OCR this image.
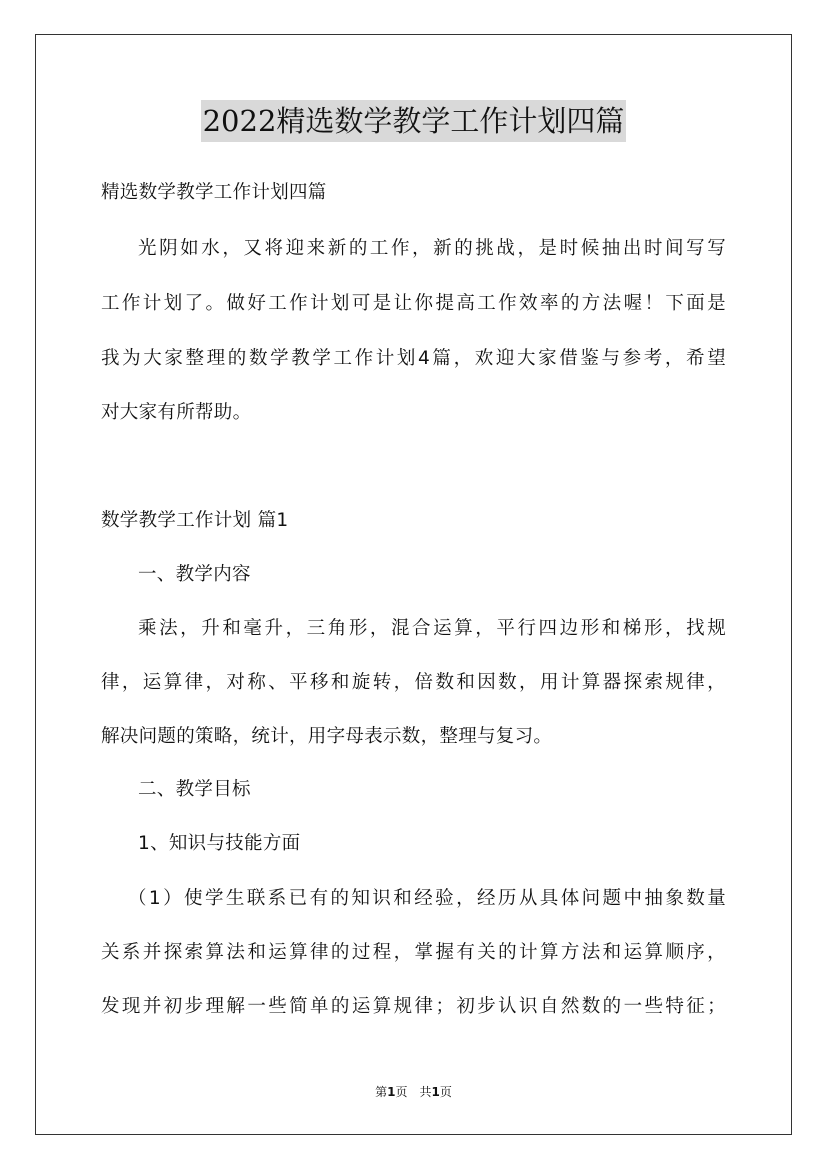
2022精选数学教学工作计划四篇
精选数学教学工作计划四篇
光阴如水，又将迎来新的工作，新的挑战，是时候抽出时间写写
工作计划了。做好工作计划可是让你提高工作效率的方法喔！下面是
我为大家整理的数学教学工作计划4篇，欢迎大家借鉴与参考，希望
对大家有所帮助。
数学教学工作计划 篇1
一、教学内容
乘法，升和毫升，三角形，混合运算，平行四边形和梯形，找规
律，运算律，对称、平移和旋转，倍数和因数，用计算器探索规律，
解决问题的策略，统计，用字母表示数，整理与复习。
二、教学目标
1、知识与技能方面
（1）使学生联系已有的知识和经验，经历从具体问题中抽象数量
关系并探索算法和运算律的过程，掌握有关的计算方法和运算顺序，
发现并初步理解一些简单的运算规律；初步认识自然数的一些特征；
第1页　共1页
